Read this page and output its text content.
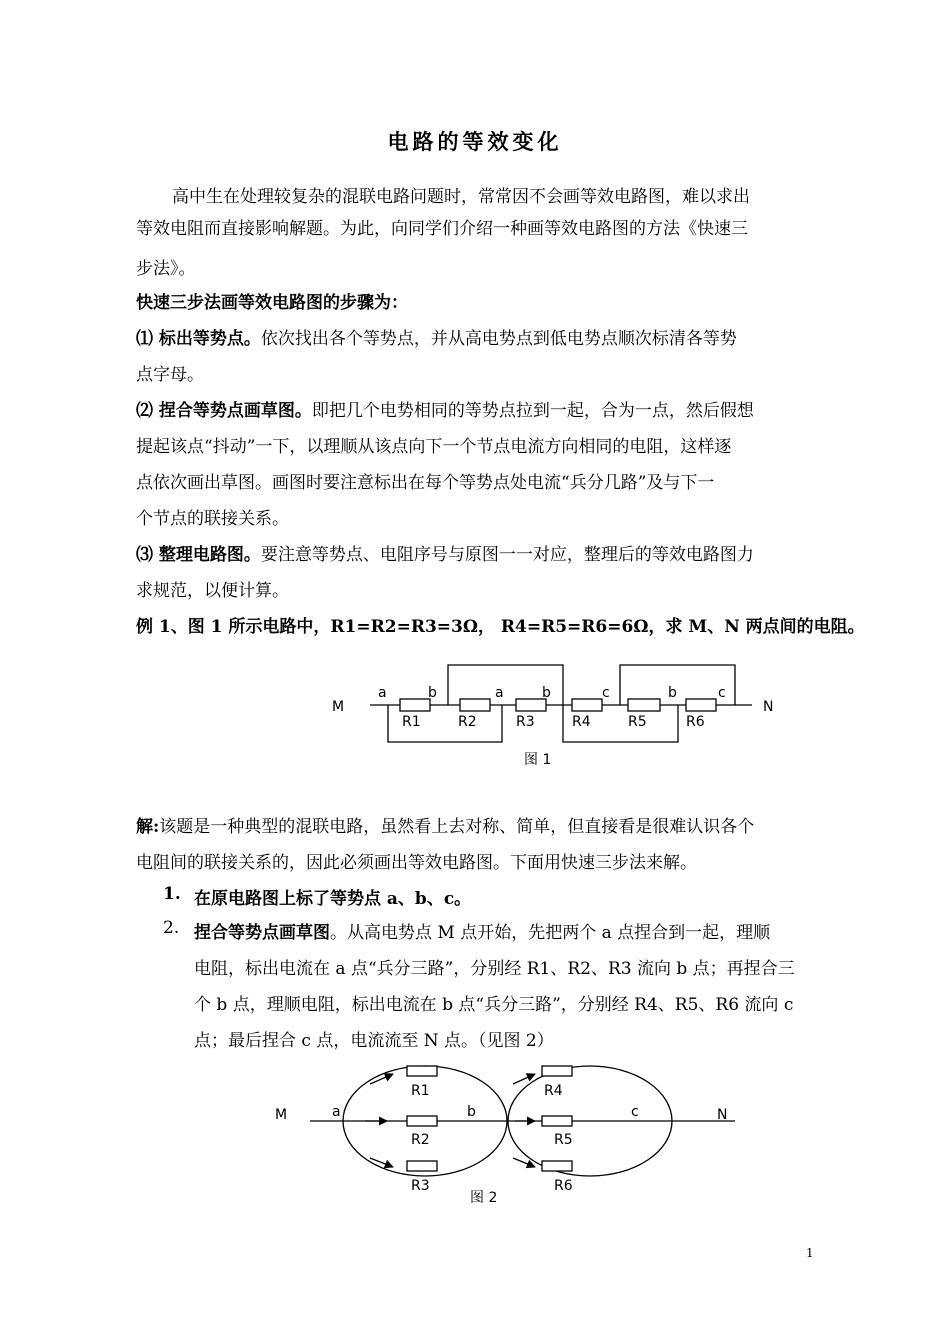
电路的等效变化
高中生在处理较复杂的混联电路问题时，常常因不会画等效电路图，难以求出
等效电阻而直接影响解题。为此，向同学们介绍一种画等效电路图的方法《快速三
步法》。
快速三步法画等效电路图的步骤为：
⑴ 标出等势点。依次找出各个等势点，并从高电势点到低电势点顺次标清各等势
点字母。
⑵ 捏合等势点画草图。即把几个电势相同的等势点拉到一起，合为一点，然后假想
提起该点“抖动”一下，以理顺从该点向下一个节点电流方向相同的电阻，这样逐
点依次画出草图。画图时要注意标出在每个等势点处电流“兵分几路”及与下一
个节点的联接关系。
⑶ 整理电路图。要注意等势点、电阻序号与原图一一对应，整理后的等效电路图力
求规范，以便计算。
例 1、图 1 所示电路中，R1=R2=R3=3Ω， R4=R5=R6=6Ω，求 M、N 两点间的电阻。
M	N
a	b	a	b	c	b	c
R1	R2	R3	R4	R5	R6
图 1
解:该题是一种典型的混联电路，虽然看上去对称、简单，但直接看是很难认识各个
电阻间的联接关系的，因此必须画出等效电路图。下面用快速三步法来解。
1. 在原电路图上标了等势点 a、b、c。
2. 捏合等势点画草图。从高电势点 M 点开始，先把两个 a 点捏合到一起，理顺
电阻，标出电流在 a 点“兵分三路”，分别经 R1、R2、R3 流向 b 点；再捏合三
个 b 点，理顺电阻，标出电流在 b 点“兵分三路”，分别经 R4、R5、R6 流向 c
点；最后捏合 c 点，电流流至 N 点。（见图 2）
M	N
a	b	c
R1
R2
R3
R4
R5
R6
图 2
1
